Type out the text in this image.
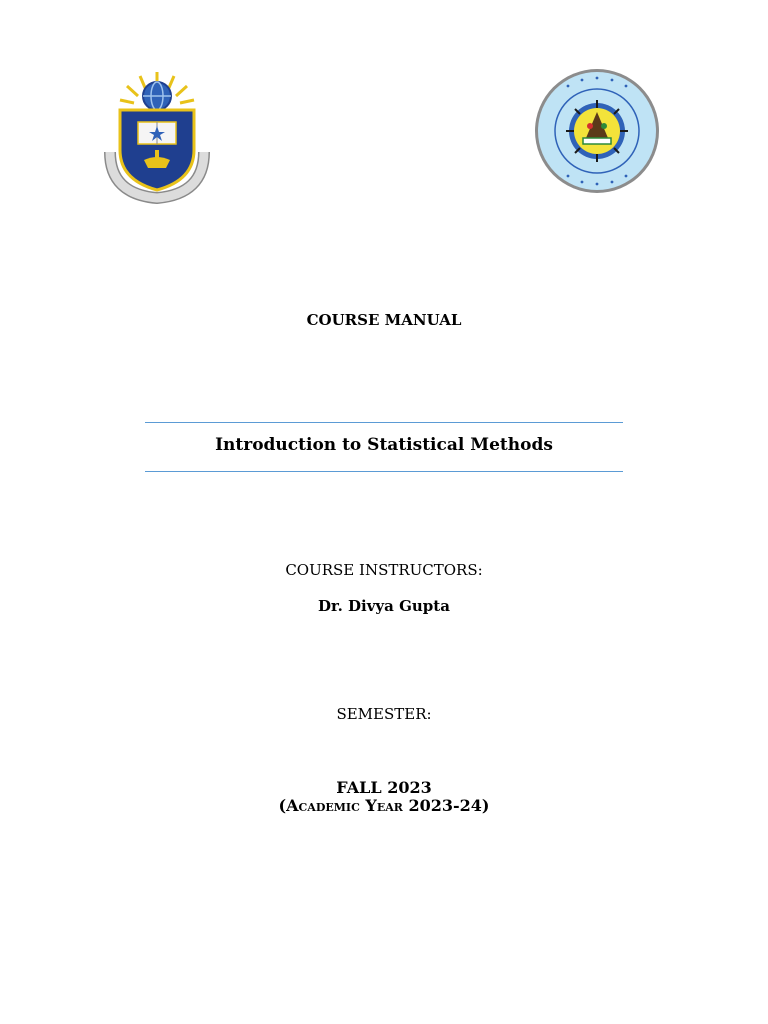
COURSE MANUAL
Introduction to Statistical Methods
COURSE INSTRUCTORS:
Dr. Divya Gupta
SEMESTER:
FALL 2023
(Academic Year 2023-24)
